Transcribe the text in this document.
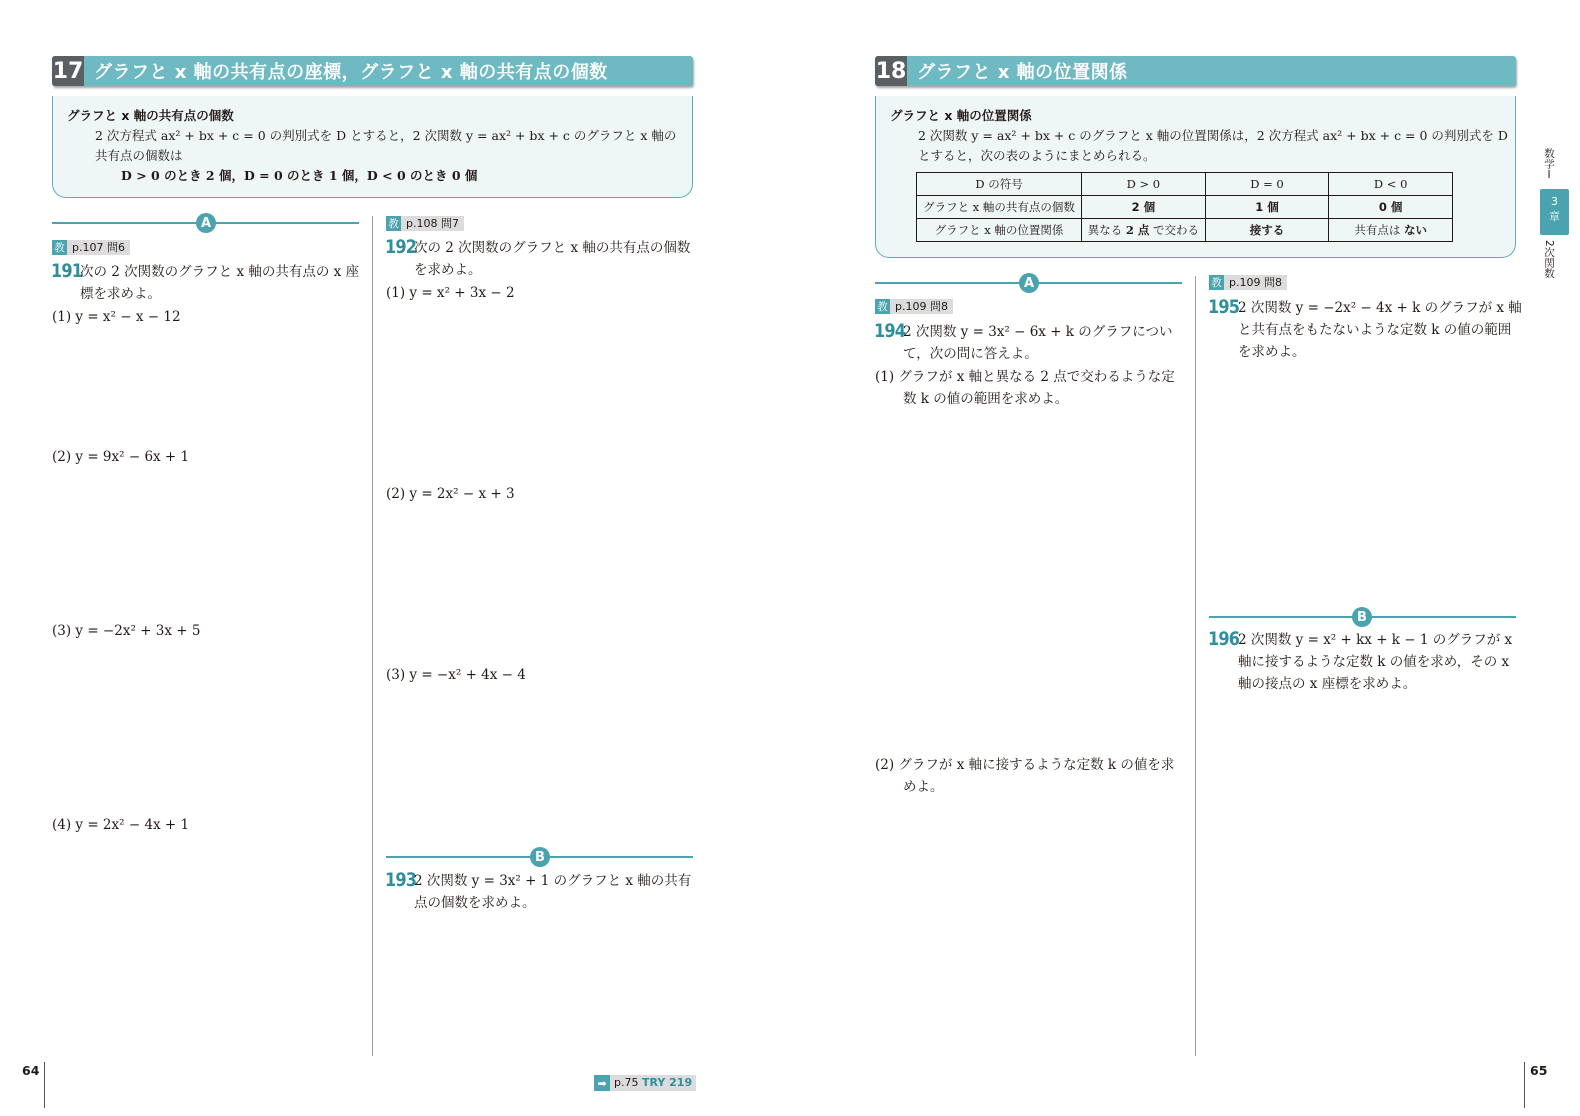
17 グラフと x 軸の共有点の座標，グラフと x 軸の共有点の個数
グラフと x 軸の共有点の個数
2 次方程式 ax² + bx + c = 0 の判別式を D とすると，2 次関数 y = ax² + bx + c のグラフと x 軸の
共有点の個数は
D > 0 のとき 2 個，D = 0 のとき 1 個，D < 0 のとき 0 個
A
教 p.107 問6
191
次の 2 次関数のグラフと x 軸の共有点の x 座
標を求めよ。
(1) y = x² − x − 12
(2) y = 9x² − 6x + 1
(3) y = −2x² + 3x + 5
(4) y = 2x² − 4x + 1
教 p.108 問7
192
次の 2 次関数のグラフと x 軸の共有点の個数
を求めよ。
(1) y = x² + 3x − 2
(2) y = 2x² − x + 3
(3) y = −x² + 4x − 4
B
193
2 次関数 y = 3x² + 1 のグラフと x 軸の共有
点の個数を求めよ。
64
➡ p.75 TRY 219
18 グラフと x 軸の位置関係
グラフと x 軸の位置関係
2 次関数 y = ax² + bx + c のグラフと x 軸の位置関係は，2 次方程式 ax² + bx + c = 0 の判別式を D
とすると，次の表のようにまとめられる。
D の符号	D > 0	D = 0	D < 0
グラフと x 軸の共有点の個数	2 個	1 個	0 個
グラフと x 軸の位置関係	異なる 2 点 で交わる	接する	共有点は ない
A
教 p.109 問8
194
2 次関数 y = 3x² − 6x + k のグラフについ
て，次の問に答えよ。
(1) グラフが x 軸と異なる 2 点で交わるような定
数 k の値の範囲を求めよ。
(2) グラフが x 軸に接するような定数 k の値を求
めよ。
教 p.109 問8
195
2 次関数 y = −2x² − 4x + k のグラフが x 軸
と共有点をもたないような定数 k の値の範囲
を求めよ。
B
196
2 次関数 y = x² + kx + k − 1 のグラフが x
軸に接するような定数 k の値を求め，その x
軸の接点の x 座標を求めよ。
数学Ⅰ
3
章
2次関数
65
